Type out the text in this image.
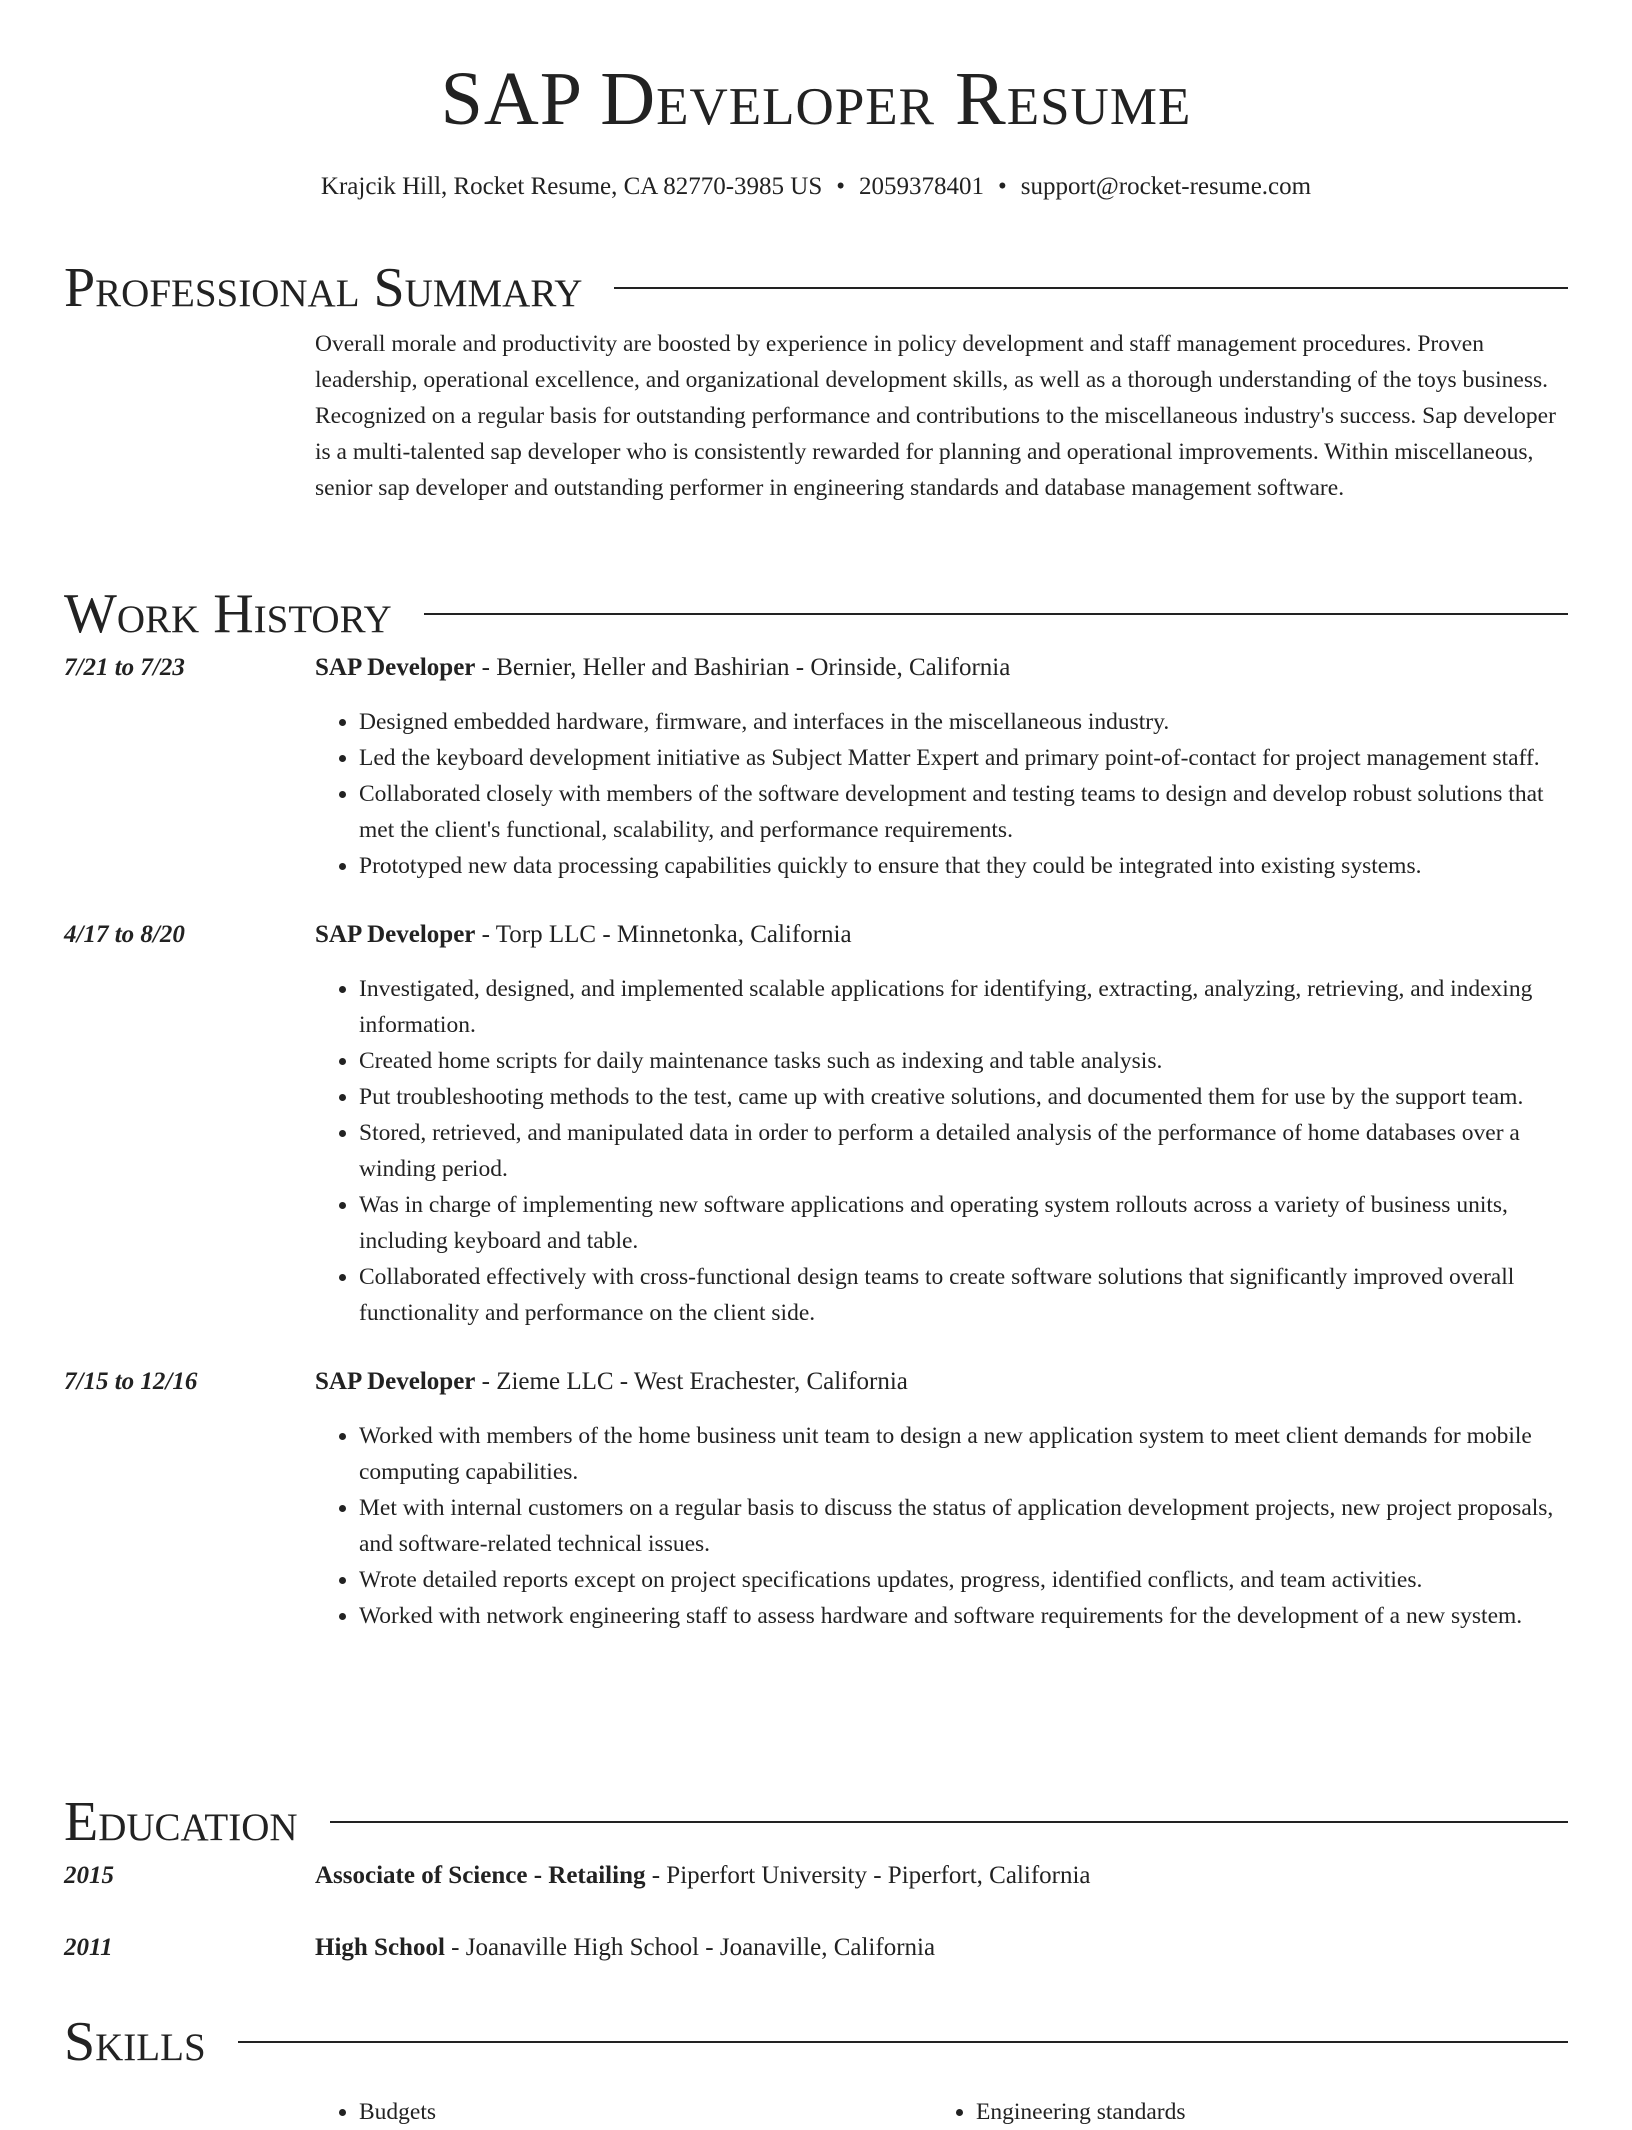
SAP Developer Resume
Krajcik Hill, Rocket Resume, CA 82770-3985 US • 2059378401 • support@rocket-resume.com
Professional Summary
Overall morale and productivity are boosted by experience in policy development and staff management procedures. Proven leadership, operational excellence, and organizational development skills, as well as a thorough understanding of the toys business. Recognized on a regular basis for outstanding performance and contributions to the miscellaneous industry's success. Sap developer is a multi-talented sap developer who is consistently rewarded for planning and operational improvements. Within miscellaneous, senior sap developer and outstanding performer in engineering standards and database management software.
Work History
7/21 to 7/23	SAP Developer - Bernier, Heller and Bashirian - Orinside, California
• Designed embedded hardware, firmware, and interfaces in the miscellaneous industry.
• Led the keyboard development initiative as Subject Matter Expert and primary point-of-contact for project management staff.
• Collaborated closely with members of the software development and testing teams to design and develop robust solutions that met the client's functional, scalability, and performance requirements.
• Prototyped new data processing capabilities quickly to ensure that they could be integrated into existing systems.
4/17 to 8/20	SAP Developer - Torp LLC - Minnetonka, California
• Investigated, designed, and implemented scalable applications for identifying, extracting, analyzing, retrieving, and indexing information.
• Created home scripts for daily maintenance tasks such as indexing and table analysis.
• Put troubleshooting methods to the test, came up with creative solutions, and documented them for use by the support team.
• Stored, retrieved, and manipulated data in order to perform a detailed analysis of the performance of home databases over a winding period.
• Was in charge of implementing new software applications and operating system rollouts across a variety of business units, including keyboard and table.
• Collaborated effectively with cross-functional design teams to create software solutions that significantly improved overall functionality and performance on the client side.
7/15 to 12/16	SAP Developer - Zieme LLC - West Erachester, California
• Worked with members of the home business unit team to design a new application system to meet client demands for mobile computing capabilities.
• Met with internal customers on a regular basis to discuss the status of application development projects, new project proposals, and software-related technical issues.
• Wrote detailed reports except on project specifications updates, progress, identified conflicts, and team activities.
• Worked with network engineering staff to assess hardware and software requirements for the development of a new system.
Education
2015	Associate of Science - Retailing - Piperfort University - Piperfort, California
2011	High School - Joanaville High School - Joanaville, California
Skills
• Budgets
•	Engineering standards
